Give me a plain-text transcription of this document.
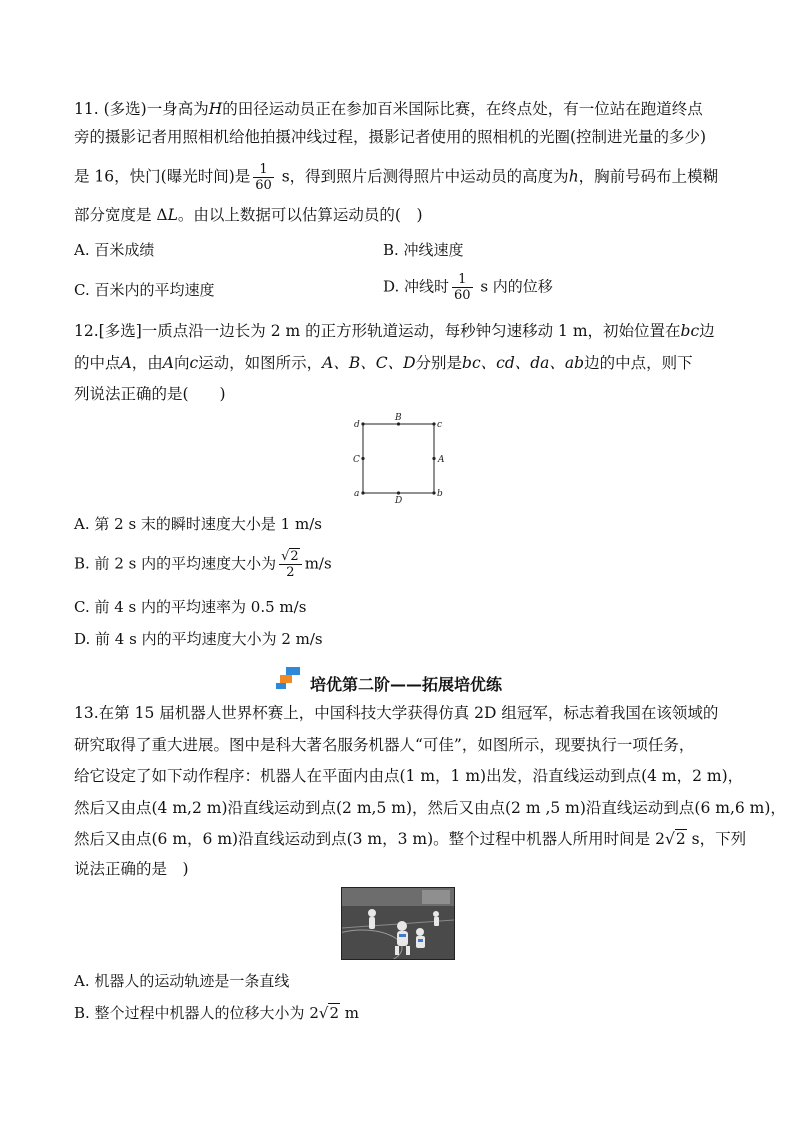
11. (多选)一身高为H的田径运动员正在参加百米国际比赛，在终点处，有一位站在跑道终点
旁的摄影记者用照相机给他拍摄冲线过程，摄影记者使用的照相机的光圈(控制进光量的多少)
是 16，快门(曝光时间)是 $\frac{1}{60}$ s，得到照片后测得照片中运动员的高度为h，胸前号码布上模糊
部分宽度是 ΔL。由以上数据可以估算运动员的(　)
A. 百米成绩	B. 冲线速度
C. 百米内的平均速度	D. 冲线时 $\frac{1}{60}$ s 内的位移
12.[多选]一质点沿一边长为 2 m 的正方形轨道运动，每秒钟匀速移动 1 m，初始位置在bc边
的中点A，由A向c运动，如图所示，A、B、C、D分别是bc、cd、da、ab边的中点，则下
列说法正确的是(　　)
d
B
c
C	A
a
D
b
A. 第 2 s 末的瞬时速度大小是 1 m/s
B. 前 2 s 内的平均速度大小为 $\frac{√2}{2} m/s$
C. 前 4 s 内的平均速率为 0.5 m/s
D. 前 4 s 内的平均速度大小为 2 m/s
培优第二阶——拓展培优练
13.在第 15 届机器人世界杯赛上，中国科技大学获得仿真 2D 组冠军，标志着我国在该领域的
研究取得了重大进展。图中是科大著名服务机器人“可佳”，如图所示，现要执行一项任务，
给它设定了如下动作程序：机器人在平面内由点(1 m，1 m)出发，沿直线运动到点(4 m，2 m)，
然后又由点(4 m,2 m)沿直线运动到点(2 m,5 m)，然后又由点(2 m ,5 m)沿直线运动到点(6 m,6 m)，
然后又由点(6 m，6 m)沿直线运动到点(3 m，3 m)。整个过程中机器人所用时间是 2√2 s，下列
说法正确的是　)
A. 机器人的运动轨迹是一条直线
B. 整个过程中机器人的位移大小为 2√2 m
